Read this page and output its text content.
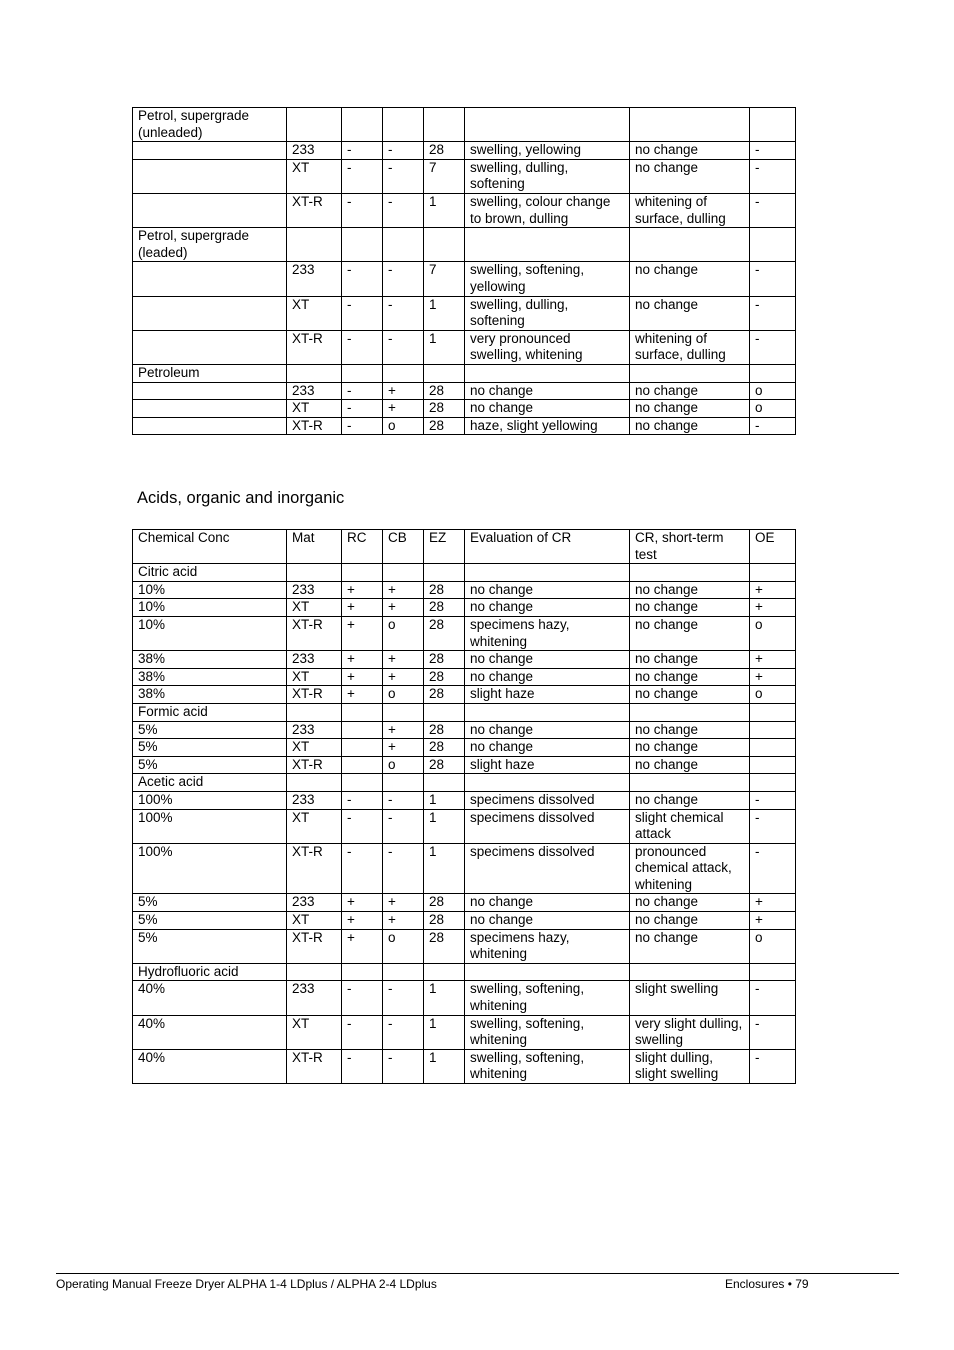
Petrol, supergrade (unleaded)							
	233	-	-	28	swelling, yellowing	no change	-
	XT	-	-	7	swelling, dulling, softening	no change	-
	XT-R	-	-	1	swelling, colour change to brown, dulling	whitening of surface, dulling	-
Petrol, supergrade (leaded)							
	233	-	-	7	swelling, softening, yellowing	no change	-
	XT	-	-	1	swelling, dulling, softening	no change	-
	XT-R	-	-	1	very pronounced swelling, whitening	whitening of surface, dulling	-
Petroleum							
	233	-	+	28	no change	no change	o
	XT	-	+	28	no change	no change	o
	XT-R	-	o	28	haze, slight yellowing	no change	-
Acids, organic and inorganic
Chemical Conc	Mat	RC	CB	EZ	Evaluation of CR	CR, short-term test	OE
Citric acid							
10%	233	+	+	28	no change	no change	+
10%	XT	+	+	28	no change	no change	+
10%	XT-R	+	o	28	specimens hazy, whitening	no change	o
38%	233	+	+	28	no change	no change	+
38%	XT	+	+	28	no change	no change	+
38%	XT-R	+	o	28	slight haze	no change	o
Formic acid							
5%	233		+	28	no change	no change	
5%	XT		+	28	no change	no change	
5%	XT-R		o	28	slight haze	no change	
Acetic acid							
100%	233	-	-	1	specimens dissolved	no change	-
100%	XT	-	-	1	specimens dissolved	slight chemical attack	-
100%	XT-R	-	-	1	specimens dissolved	pronounced chemical attack, whitening	-
5%	233	+	+	28	no change	no change	+
5%	XT	+	+	28	no change	no change	+
5%	XT-R	+	o	28	specimens hazy, whitening	no change	o
Hydrofluoric acid							
40%	233	-	-	1	swelling, softening, whitening	slight swelling	-
40%	XT	-	-	1	swelling, softening, whitening	very slight dulling, swelling	-
40%	XT-R	-	-	1	swelling, softening, whitening	slight dulling, slight swelling	-
Operating Manual Freeze Dryer ALPHA 1-4 LDplus / ALPHA 2-4 LDplus	Enclosures • 79
